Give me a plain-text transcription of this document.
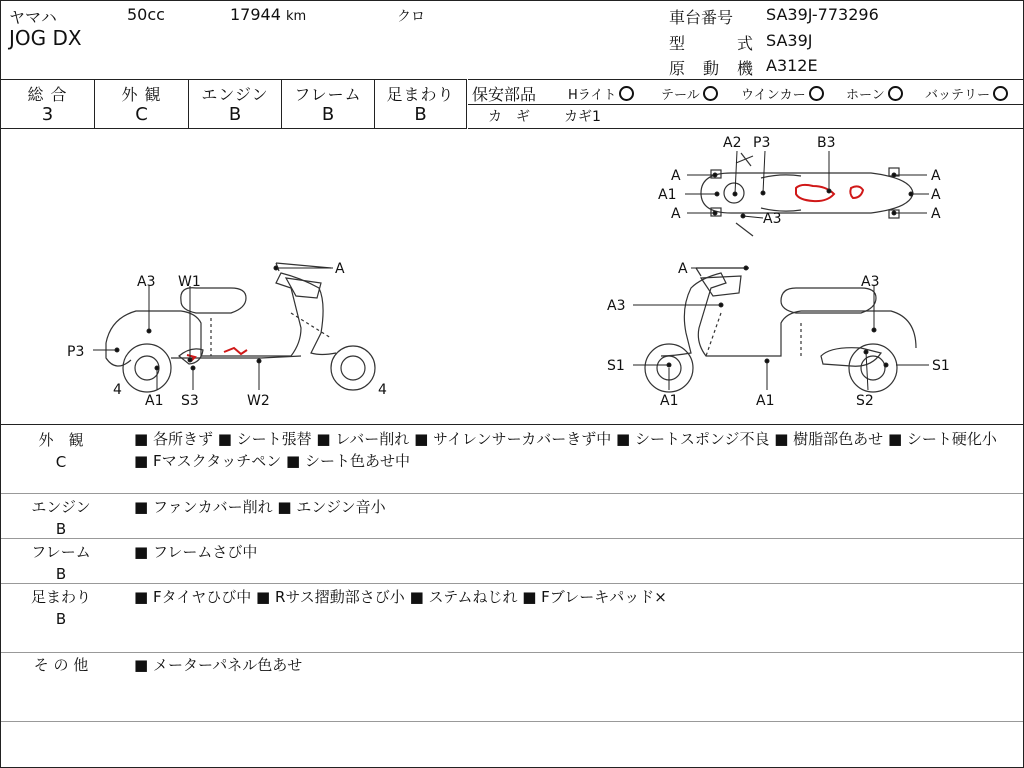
ヤマハ	50cc	17944 km	クロ
JOG DX
車台番号 SA39J-773296
型	式 SA39J
原 動 機 A312E
総 合
3
外 観
C
エンジン
B
フレーム
B
足まわり
B
保安部品 Hライト	テール	ウインカー	ホーン	バッテリー
カ　ギ カギ1
A2 P3	B3
A
A1
A	A3
A
A
A
A
A3 W1
P3
4
A1 S3	W2
4
A
A3
A3
S1	S1
A1	A1	S2
外　観
C
■ 各所きず ■ シート張替 ■ レバー削れ ■ サイレンサーカバーきず中 ■ シートスポンジ不良 ■ 樹脂部色あせ ■ シート硬化小 ■ Fマスクタッチペン ■ シート色あせ中
エンジン
B
■ ファンカバー削れ ■ エンジン音小
フレーム
B
■ フレームさび中
足まわり
B
■ Fタイヤひび中 ■ Rサス摺動部さび小 ■ ステムねじれ ■ Fブレーキパッド×
そ の 他	■ メーターパネル色あせ
